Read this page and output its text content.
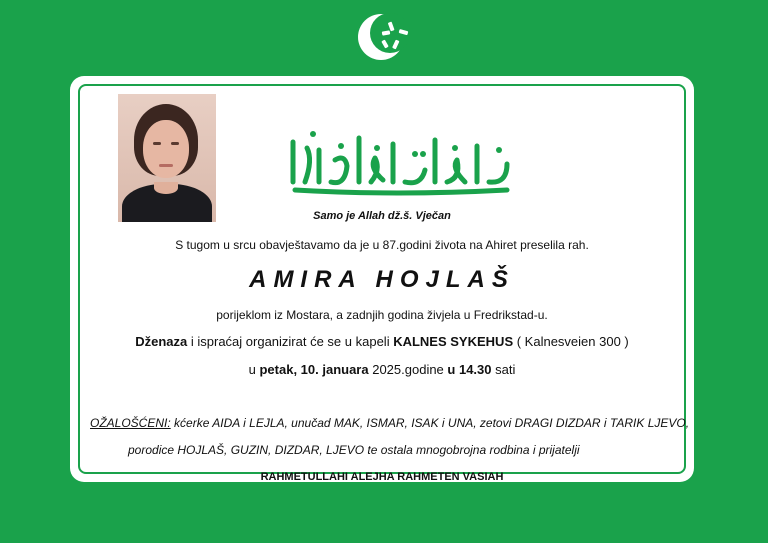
Samo je Allah dž.š. Vječan
S tugom u srcu obavještavamo da je u 87.godini života na Ahiret preselila rah.
AMIRA HOJLAŠ
porijeklom iz Mostara, a zadnjih godina živjela u Fredrikstad-u.
Dženaza i ispraćaj organizirat će se u kapeli KALNES SYKEHUS ( Kalnesveien 300 )
u petak, 10. januara 2025.godine u 14.30 sati
OŽALOŠĆENI: kćerke AIDA i LEJLA, unučad MAK, ISMAR, ISAK i UNA, zetovi DRAGI DIZDAR i TARIK LJEVO,
porodice HOJLAŠ, GUZIN, DIZDAR, LJEVO te ostala mnogobrojna rodbina i prijatelji
RAHMETULLAHI ALEJHA RAHMETEN VASIAH
